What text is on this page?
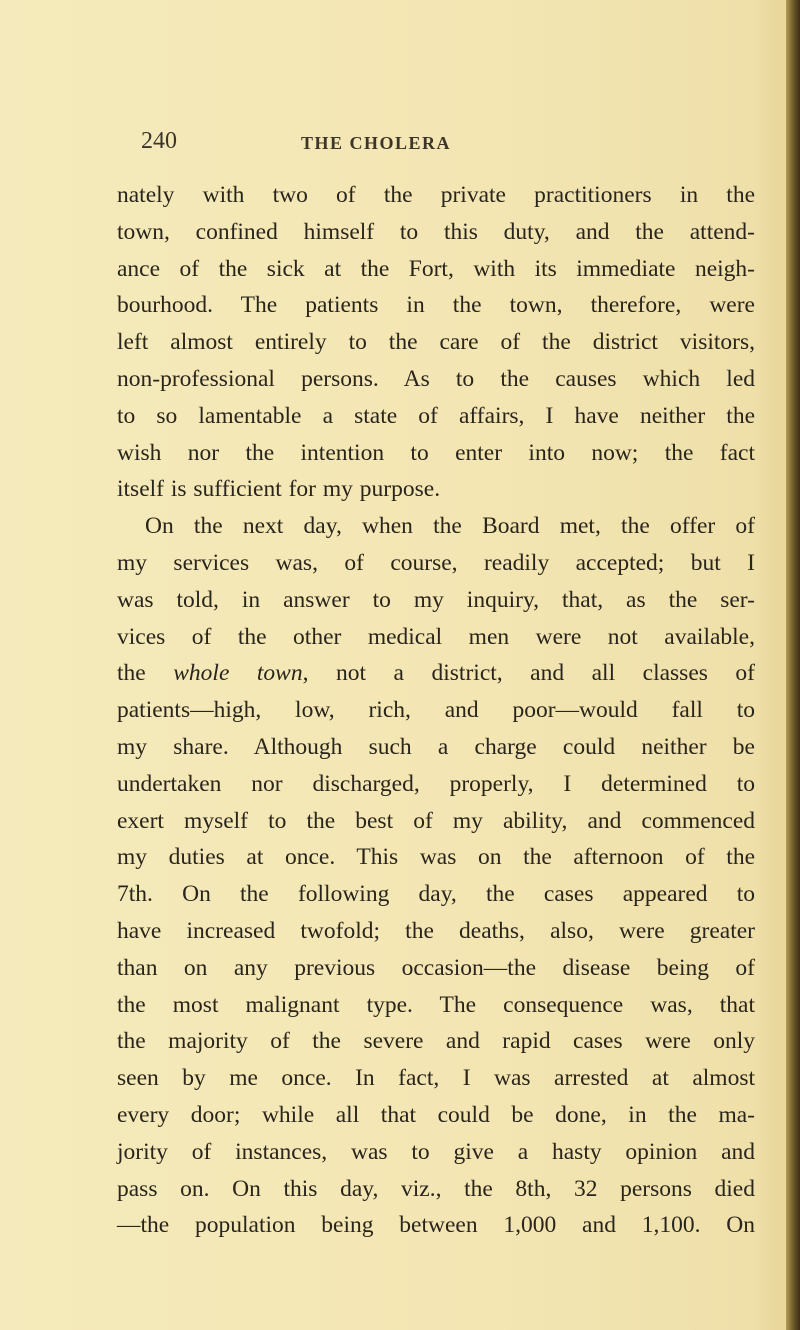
240	THE CHOLERA
nately with two of the private practitioners in the
town, confined himself to this duty, and the attend-
ance of the sick at the Fort, with its immediate neigh-
bourhood. The patients in the town, therefore, were
left almost entirely to the care of the district visitors,
non-professional persons. As to the causes which led
to so lamentable a state of affairs, I have neither the
wish nor the intention to enter into now; the fact
itself is sufficient for my purpose.
On the next day, when the Board met, the offer of
my services was, of course, readily accepted; but I
was told, in answer to my inquiry, that, as the ser-
vices of the other medical men were not available,
the whole town, not a district, and all classes of
patients—high, low, rich, and poor—would fall to
my share. Although such a charge could neither be
undertaken nor discharged, properly, I determined to
exert myself to the best of my ability, and commenced
my duties at once. This was on the afternoon of the
7th. On the following day, the cases appeared to
have increased twofold; the deaths, also, were greater
than on any previous occasion—the disease being of
the most malignant type. The consequence was, that
the majority of the severe and rapid cases were only
seen by me once. In fact, I was arrested at almost
every door; while all that could be done, in the ma-
jority of instances, was to give a hasty opinion and
pass on. On this day, viz., the 8th, 32 persons died
—the population being between 1,000 and 1,100. On
